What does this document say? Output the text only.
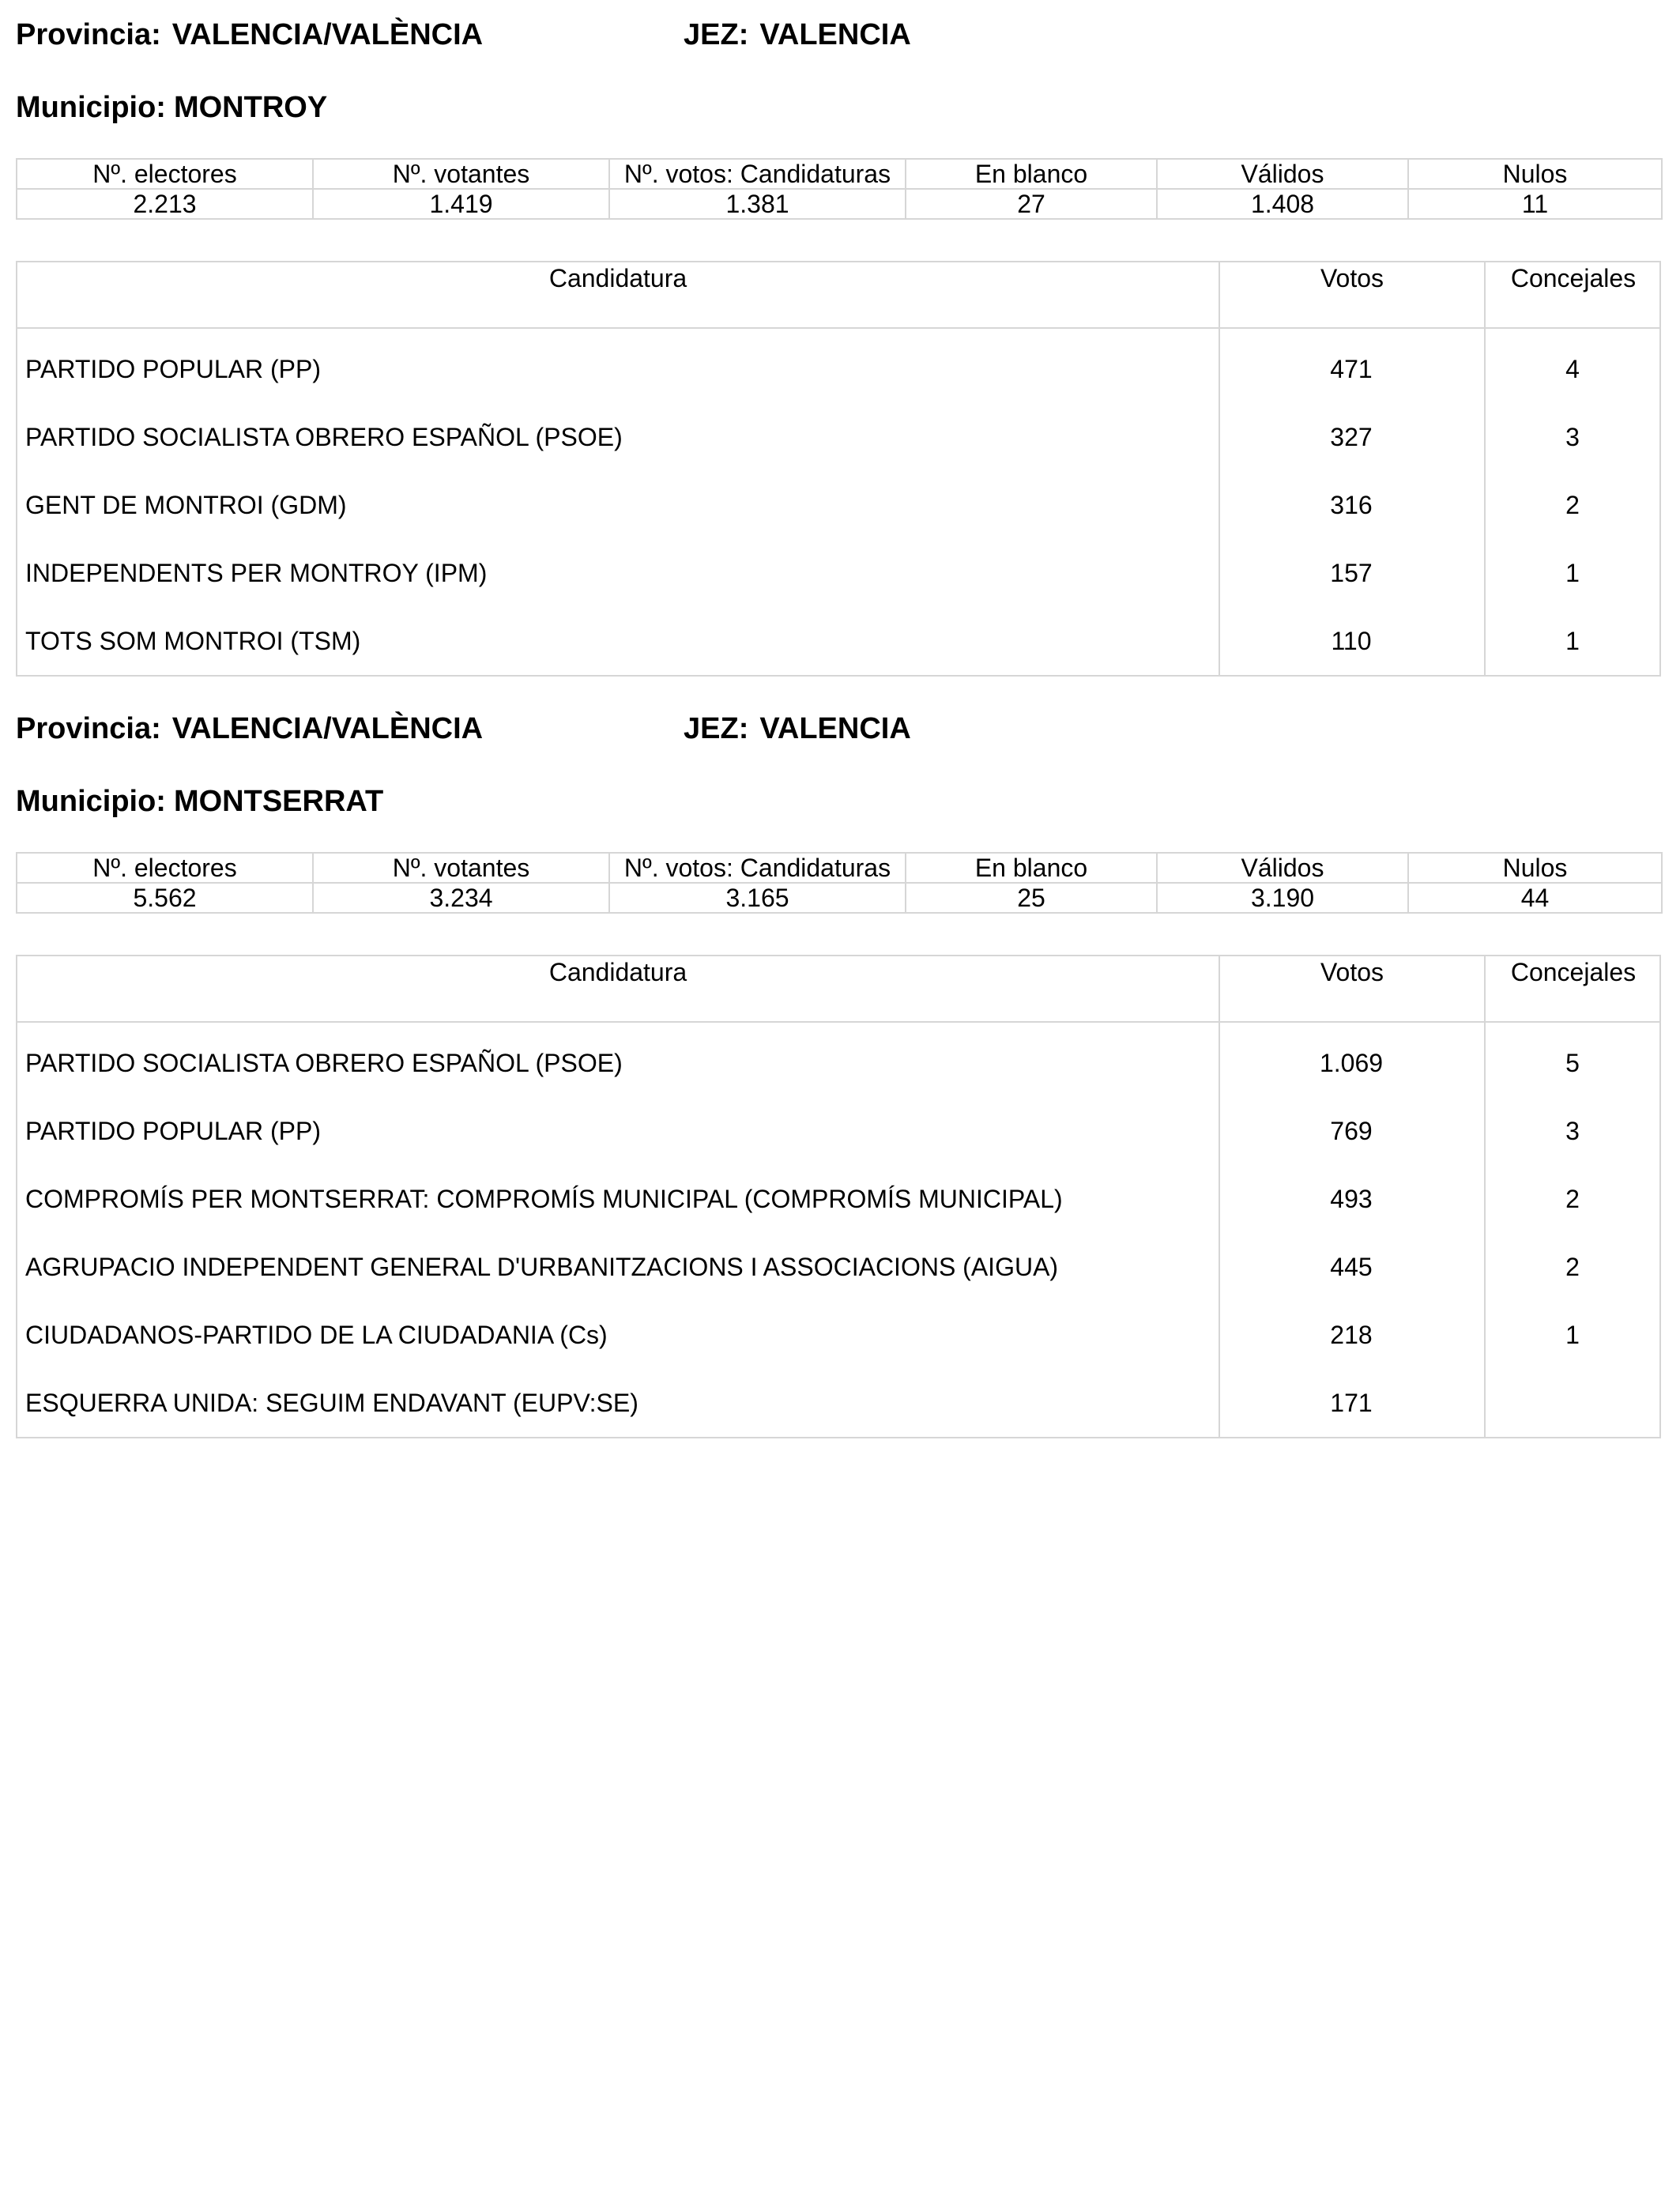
Provincia: VALENCIA/VALÈNCIA	JEZ: VALENCIA
Municipio: MONTROY
Nº. electores	Nº. votantes	Nº. votos: Candidaturas	En blanco	Válidos	Nulos
2.213	1.419	1.381	27	1.408	11
Candidatura	Votos	Concejales
PARTIDO POPULAR (PP)	471	4
PARTIDO SOCIALISTA OBRERO ESPAÑOL (PSOE)	327	3
GENT DE MONTROI (GDM)	316	2
INDEPENDENTS PER MONTROY (IPM)	157	1
TOTS SOM MONTROI (TSM)	110	1
Provincia: VALENCIA/VALÈNCIA	JEZ: VALENCIA
Municipio: MONTSERRAT
Nº. electores	Nº. votantes	Nº. votos: Candidaturas	En blanco	Válidos	Nulos
5.562	3.234	3.165	25	3.190	44
Candidatura	Votos	Concejales
PARTIDO SOCIALISTA OBRERO ESPAÑOL (PSOE)	1.069	5
PARTIDO POPULAR (PP)	769	3
COMPROMÍS PER MONTSERRAT: COMPROMÍS MUNICIPAL (COMPROMÍS MUNICIPAL)	493	2
AGRUPACIO INDEPENDENT GENERAL D'URBANITZACIONS I ASSOCIACIONS (AIGUA)	445	2
CIUDADANOS-PARTIDO DE LA CIUDADANIA (Cs)	218	1
ESQUERRA UNIDA: SEGUIM ENDAVANT (EUPV:SE)	171
